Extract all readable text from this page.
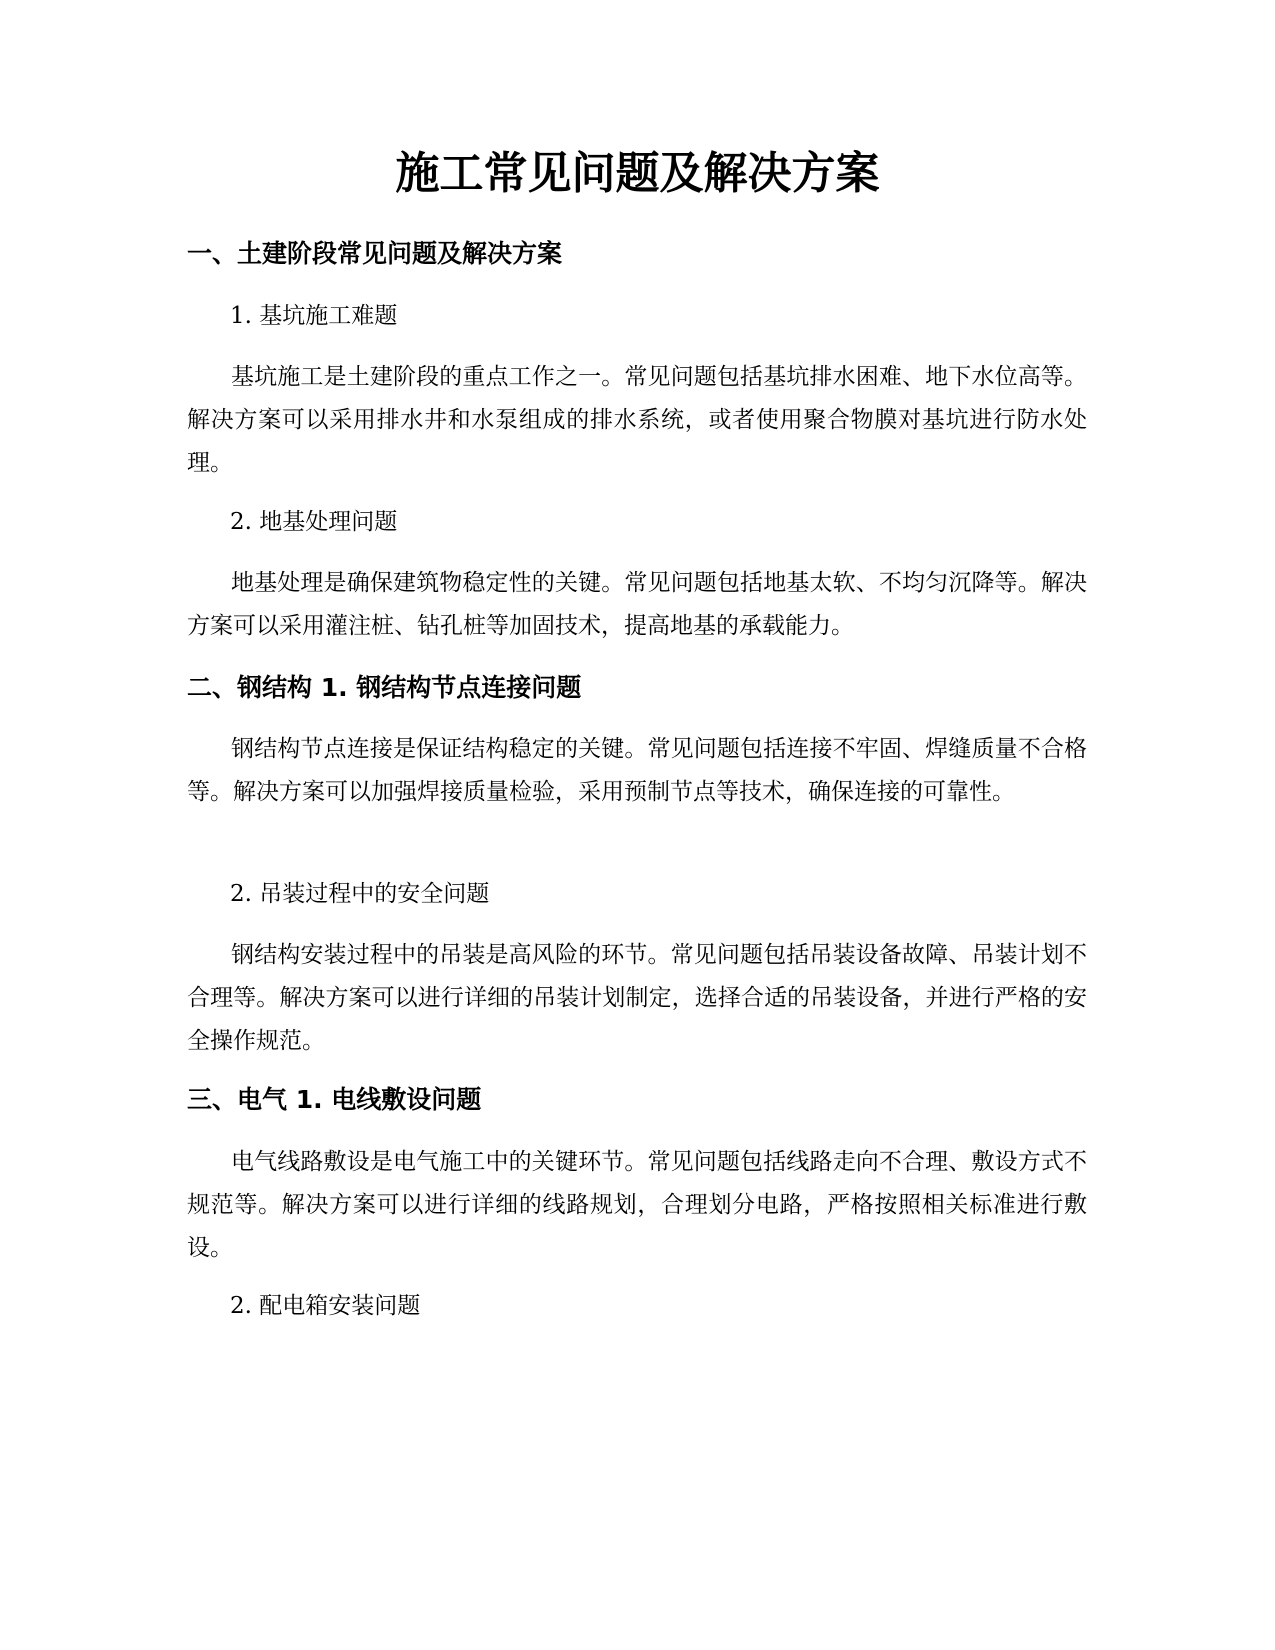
施工常见问题及解决方案
一、土建阶段常见问题及解决方案

1. 基坑施工难题

基坑施工是土建阶段的重点工作之一。常见问题包括基坑排水困难、地下水位高等。解决方案可以采用排水井和水泵组成的排水系统，或者使用聚合物膜对基坑进行防水处理。

2. 地基处理问题

地基处理是确保建筑物稳定性的关键。常见问题包括地基太软、不均匀沉降等。解决方案可以采用灌注桩、钻孔桩等加固技术，提高地基的承载能力。

二、钢结构 1. 钢结构节点连接问题

钢结构节点连接是保证结构稳定的关键。常见问题包括连接不牢固、焊缝质量不合格等。解决方案可以加强焊接质量检验，采用预制节点等技术，确保连接的可靠性。

2. 吊装过程中的安全问题

钢结构安装过程中的吊装是高风险的环节。常见问题包括吊装设备故障、吊装计划不合理等。解决方案可以进行详细的吊装计划制定，选择合适的吊装设备，并进行严格的安全操作规范。

三、电气 1. 电线敷设问题

电气线路敷设是电气施工中的关键环节。常见问题包括线路走向不合理、敷设方式不规范等。解决方案可以进行详细的线路规划，合理划分电路，严格按照相关标准进行敷设。

2. 配电箱安装问题
